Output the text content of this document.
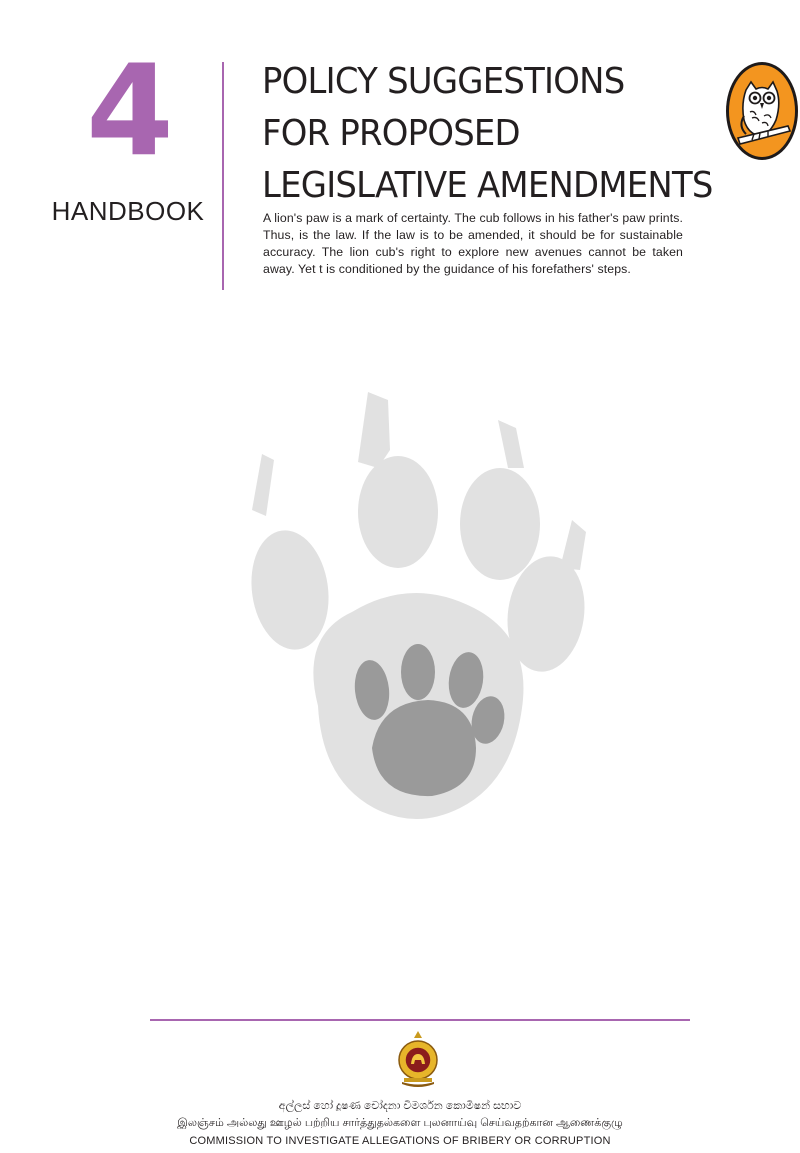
4
HANDBOOK
POLICY SUGGESTIONS
FOR PROPOSED
LEGISLATIVE AMENDMENTS

A lion's paw is a mark of certainty. The cub follows in his father's paw prints. Thus, is the law. If the law is to be amended, it should be for sustainable accuracy. The lion cub's right to explore new avenues cannot be taken away. Yet t is conditioned by the guidance of his forefathers' steps.

අල්ලස් හෝ දූෂණ චෝදනා විමර්ශන කොමිෂන් සභාව
இலஞ்சம் அல்லது ஊழல் பற்றிய சார்த்துதல்களை புலனாய்வு செய்வதற்கான ஆணைக்குழு
COMMISSION TO INVESTIGATE ALLEGATIONS OF BRIBERY OR CORRUPTION
